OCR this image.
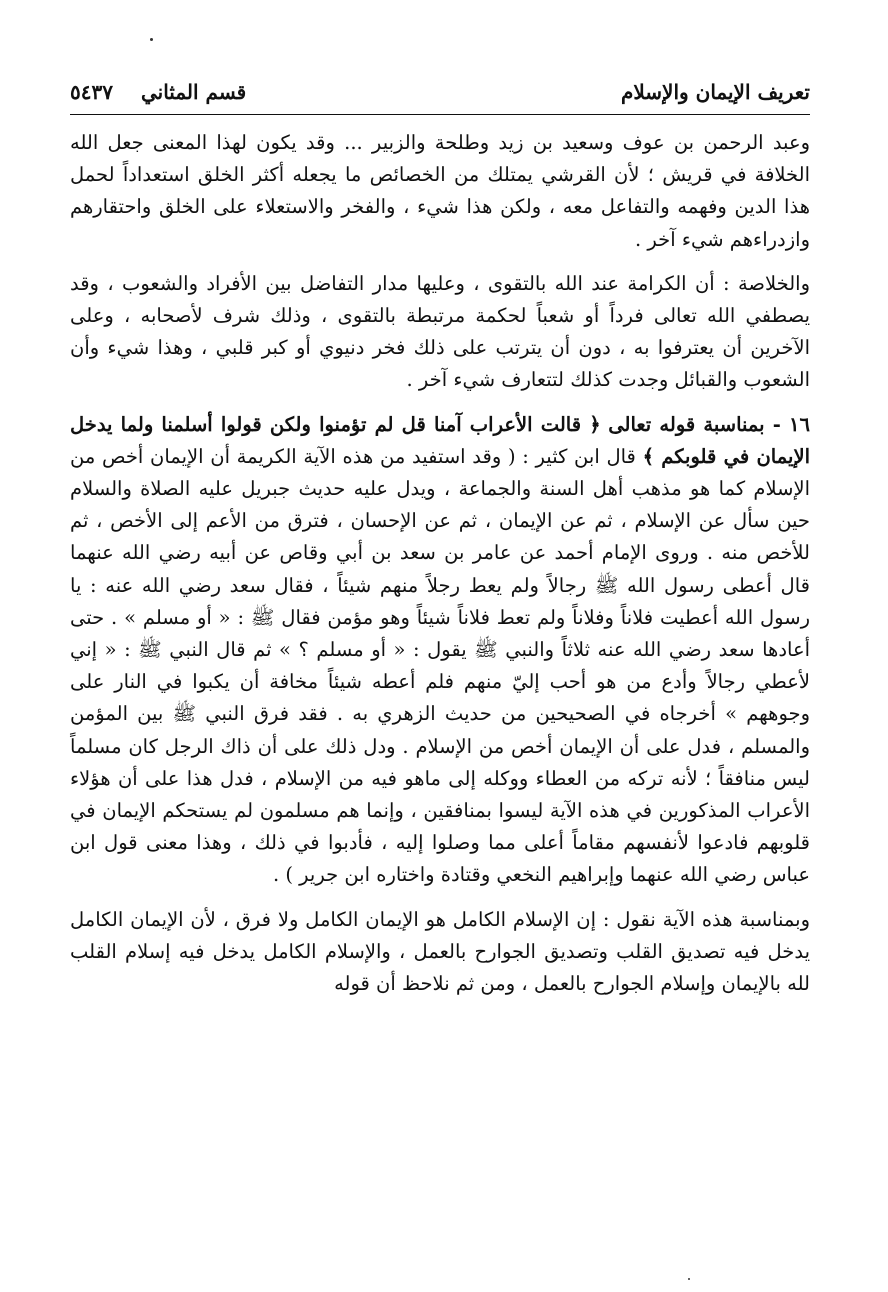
تعريف الإيمان والإسلام
قسم المثاني٥٤٣٧

وعبد الرحمن بن عوف وسعيد بن زيد وطلحة والزبير ... وقد يكون لهذا المعنى جعل الله الخلافة في قريش ؛ لأن القرشي يمتلك من الخصائص ما يجعله أكثر الخلق استعداداً لحمل هذا الدين وفهمه والتفاعل معه ، ولكن هذا شيء ، والفخر والاستعلاء على الخلق واحتقارهم وازدراءهم شيء آخر .

والخلاصة : أن الكرامة عند الله بالتقوى ، وعليها مدار التفاضل بين الأفراد والشعوب ، وقد يصطفي الله تعالى فرداً أو شعباً لحكمة مرتبطة بالتقوى ، وذلك شرف لأصحابه ، وعلى الآخرين أن يعترفوا به ، دون أن يترتب على ذلك فخر دنيوي أو كبر قلبي ، وهذا شيء وأن الشعوب والقبائل وجدت كذلك لتتعارف شيء آخر .

١٦ - بمناسبة قوله تعالى ﴿ قالت الأعراب آمنا قل لم تؤمنوا ولكن قولوا أسلمنا ولما يدخل الإيمان في قلوبكم ﴾ قال ابن كثير : ( وقد استفيد من هذه الآية الكريمة أن الإيمان أخص من الإسلام كما هو مذهب أهل السنة والجماعة ، ويدل عليه حديث جبريل عليه الصلاة والسلام حين سأل عن الإسلام ، ثم عن الإيمان ، ثم عن الإحسان ، فترق من الأعم إلى الأخص ، ثم للأخص منه . وروى الإمام أحمد عن عامر بن سعد بن أبي وقاص عن أبيه رضي الله عنهما قال أعطى رسول الله ﷺ رجالاً ولم يعط رجلاً منهم شيئاً ، فقال سعد رضي الله عنه : يا رسول الله أعطيت فلاناً وفلاناً ولم تعط فلاناً شيئاً وهو مؤمن فقال ﷺ : « أو مسلم » . حتى أعادها سعد رضي الله عنه ثلاثاً والنبي ﷺ يقول : « أو مسلم ؟ » ثم قال النبي ﷺ : « إني لأعطي رجالاً وأدع من هو أحب إليّ منهم فلم أعطه شيئاً مخافة أن يكبوا في النار على وجوههم » أخرجاه في الصحيحين من حديث الزهري به . فقد فرق النبي ﷺ بين المؤمن والمسلم ، فدل على أن الإيمان أخص من الإسلام . ودل ذلك على أن ذاك الرجل كان مسلماً ليس منافقاً ؛ لأنه تركه من العطاء ووكله إلى ماهو فيه من الإسلام ، فدل هذا على أن هؤلاء الأعراب المذكورين في هذه الآية ليسوا بمنافقين ، وإنما هم مسلمون لم يستحكم الإيمان في قلوبهم فادعوا لأنفسهم مقاماً أعلى مما وصلوا إليه ، فأدبوا في ذلك ، وهذا معنى قول ابن عباس رضي الله عنهما وإبراهيم النخعي وقتادة واختاره ابن جرير ) .

وبمناسبة هذه الآية نقول : إن الإسلام الكامل هو الإيمان الكامل ولا فرق ، لأن الإيمان الكامل يدخل فيه تصديق القلب وتصديق الجوارح بالعمل ، والإسلام الكامل يدخل فيه إسلام القلب لله بالإيمان وإسلام الجوارح بالعمل ، ومن ثم نلاحظ أن قوله
